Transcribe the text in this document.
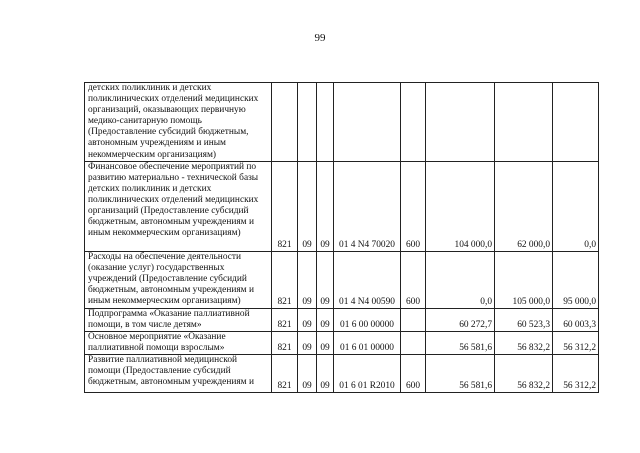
99
детских поликлиник и детских поликлинических отделений медицинских организаций, оказывающих первичную медико-санитарную помощь (Предоставление субсидий бюджетным, автономным учреждениям и иным некоммерческим организациям)								
Финансовое обеспечение мероприятий по развитию материально - технической базы детских поликлиник и детских поликлинических отделений медицинских организаций (Предоставление субсидий бюджетным, автономным учреждениям и иным некоммерческим организациям)	821	09	09	01 4 N4 70020	600	104 000,0	62 000,0	0,0
Расходы на обеспечение деятельности (оказание услуг) государственных учреждений (Предоставление субсидий бюджетным, автономным учреждениям и иным некоммерческим организациям)	821	09	09	01 4 N4 00590	600	0,0	105 000,0	95 000,0
Подпрограмма «Оказание паллиативной помощи, в том числе детям»	821	09	09	01 6 00 00000		60 272,7	60 523,3	60 003,3
Основное мероприятие «Оказание паллиативной помощи взрослым»	821	09	09	01 6 01 00000		56 581,6	56 832,2	56 312,2
Развитие паллиативной медицинской помощи (Предоставление субсидий бюджетным, автономным учреждениям и	821	09	09	01 6 01 R2010	600	56 581,6	56 832,2	56 312,2
